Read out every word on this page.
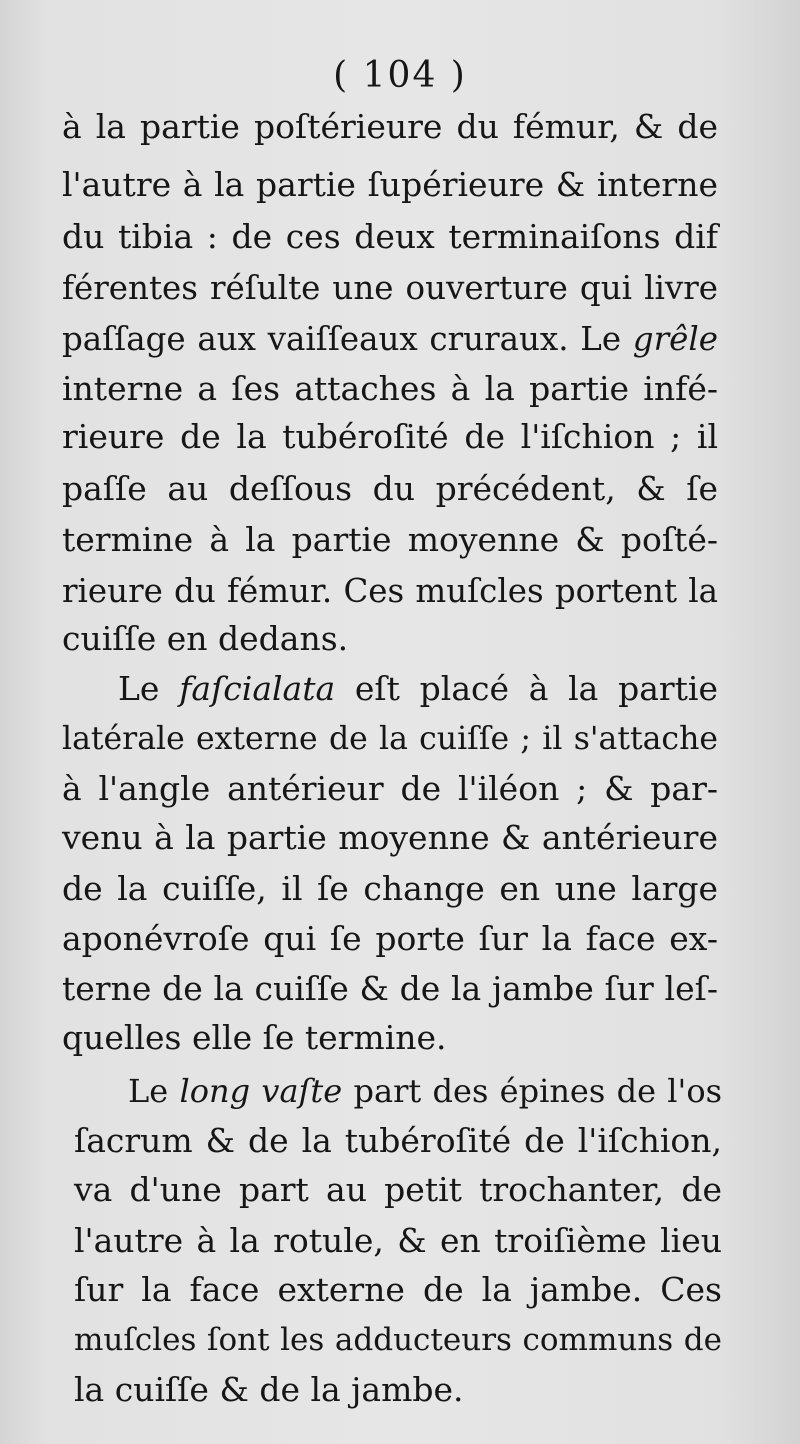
( 104 )
à la partie poſtérieure du fémur, & de
l'autre à la partie ſupérieure & interne
du tibia : de ces deux terminaiſons dif
férentes réſulte une ouverture qui livre
paſſage aux vaiſſeaux cruraux. Le grêle
interne a ſes attaches à la partie infé-
rieure de la tubéroſité de l'iſchion ; il
paſſe au deſſous du précédent, & ſe
termine à la partie moyenne & poſté-
rieure du fémur. Ces muſcles portent la
cuiſſe en dedans.
Le faſcialata eſt placé à la partie
latérale externe de la cuiſſe ; il s'attache
à l'angle antérieur de l'iléon ; & par-
venu à la partie moyenne & antérieure
de la cuiſſe, il ſe change en une large
aponévroſe qui ſe porte ſur la face ex-
terne de la cuiſſe & de la jambe ſur leſ-
quelles elle ſe termine.
Le long vaſte part des épines de l'os
ſacrum & de la tubéroſité de l'iſchion,
va d'une part au petit trochanter, de
l'autre à la rotule, & en troiſième lieu
ſur la face externe de la jambe. Ces
muſcles ſont les adducteurs communs de
la cuiſſe & de la jambe.
